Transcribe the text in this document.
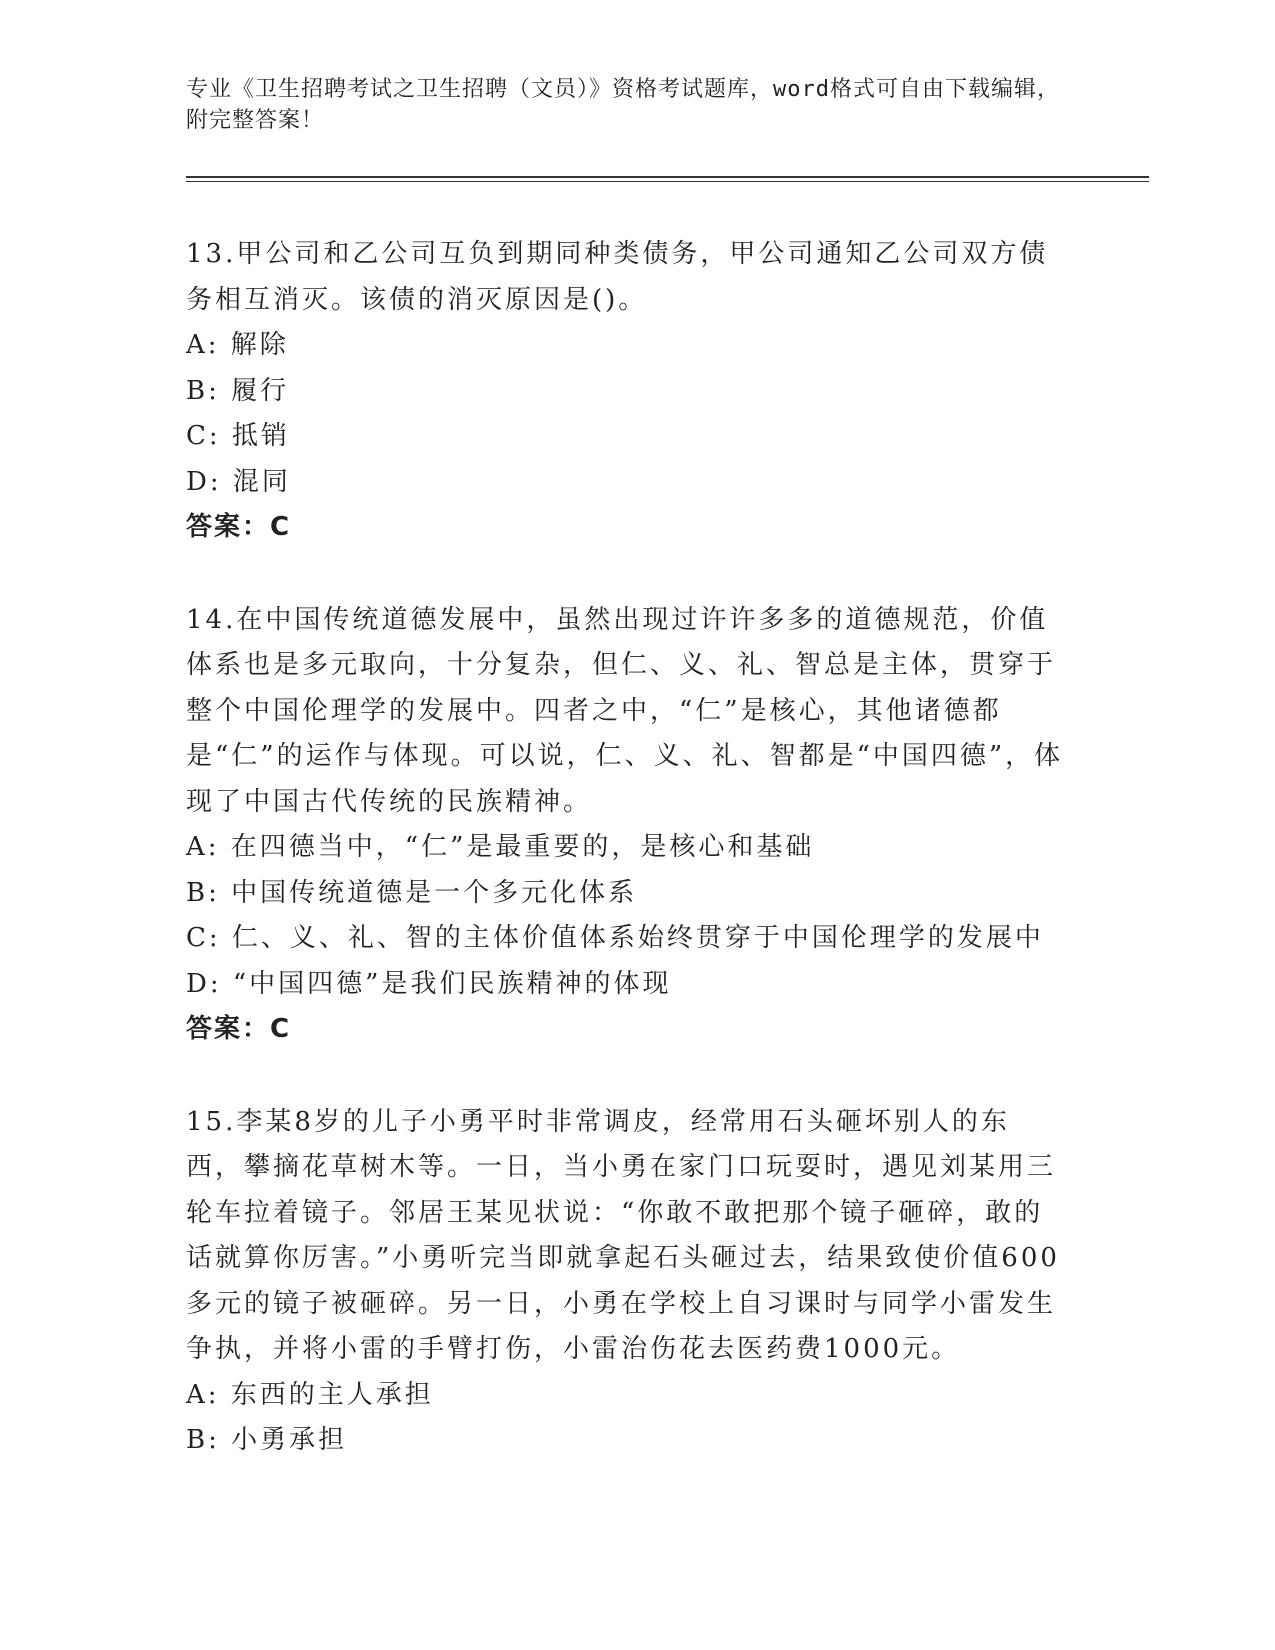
专业《卫生招聘考试之卫生招聘（文员）》资格考试题库，word格式可自由下载编辑，附完整答案！

13.甲公司和乙公司互负到期同种类债务，甲公司通知乙公司双方债务相互消灭。该债的消灭原因是()。

A: 解除

B: 履行

C: 抵销

D: 混同

答案：C

14.在中国传统道德发展中，虽然出现过许许多多的道德规范，价值体系也是多元取向，十分复杂，但仁、义、礼、智总是主体，贯穿于整个中国伦理学的发展中。四者之中，“仁”是核心，其他诸德都是“仁”的运作与体现。可以说，仁、义、礼、智都是“中国四德”，体现了中国古代传统的民族精神。

A: 在四德当中，“仁”是最重要的，是核心和基础

B: 中国传统道德是一个多元化体系

C: 仁、义、礼、智的主体价值体系始终贯穿于中国伦理学的发展中

D: “中国四德”是我们民族精神的体现

答案：C

15.李某8岁的儿子小勇平时非常调皮，经常用石头砸坏别人的东西，攀摘花草树木等。一日，当小勇在家门口玩耍时，遇见刘某用三轮车拉着镜子。邻居王某见状说：“你敢不敢把那个镜子砸碎，敢的话就算你厉害。”小勇听完当即就拿起石头砸过去，结果致使价值600多元的镜子被砸碎。另一日，小勇在学校上自习课时与同学小雷发生争执，并将小雷的手臂打伤，小雷治伤花去医药费1000元。

A: 东西的主人承担

B: 小勇承担
